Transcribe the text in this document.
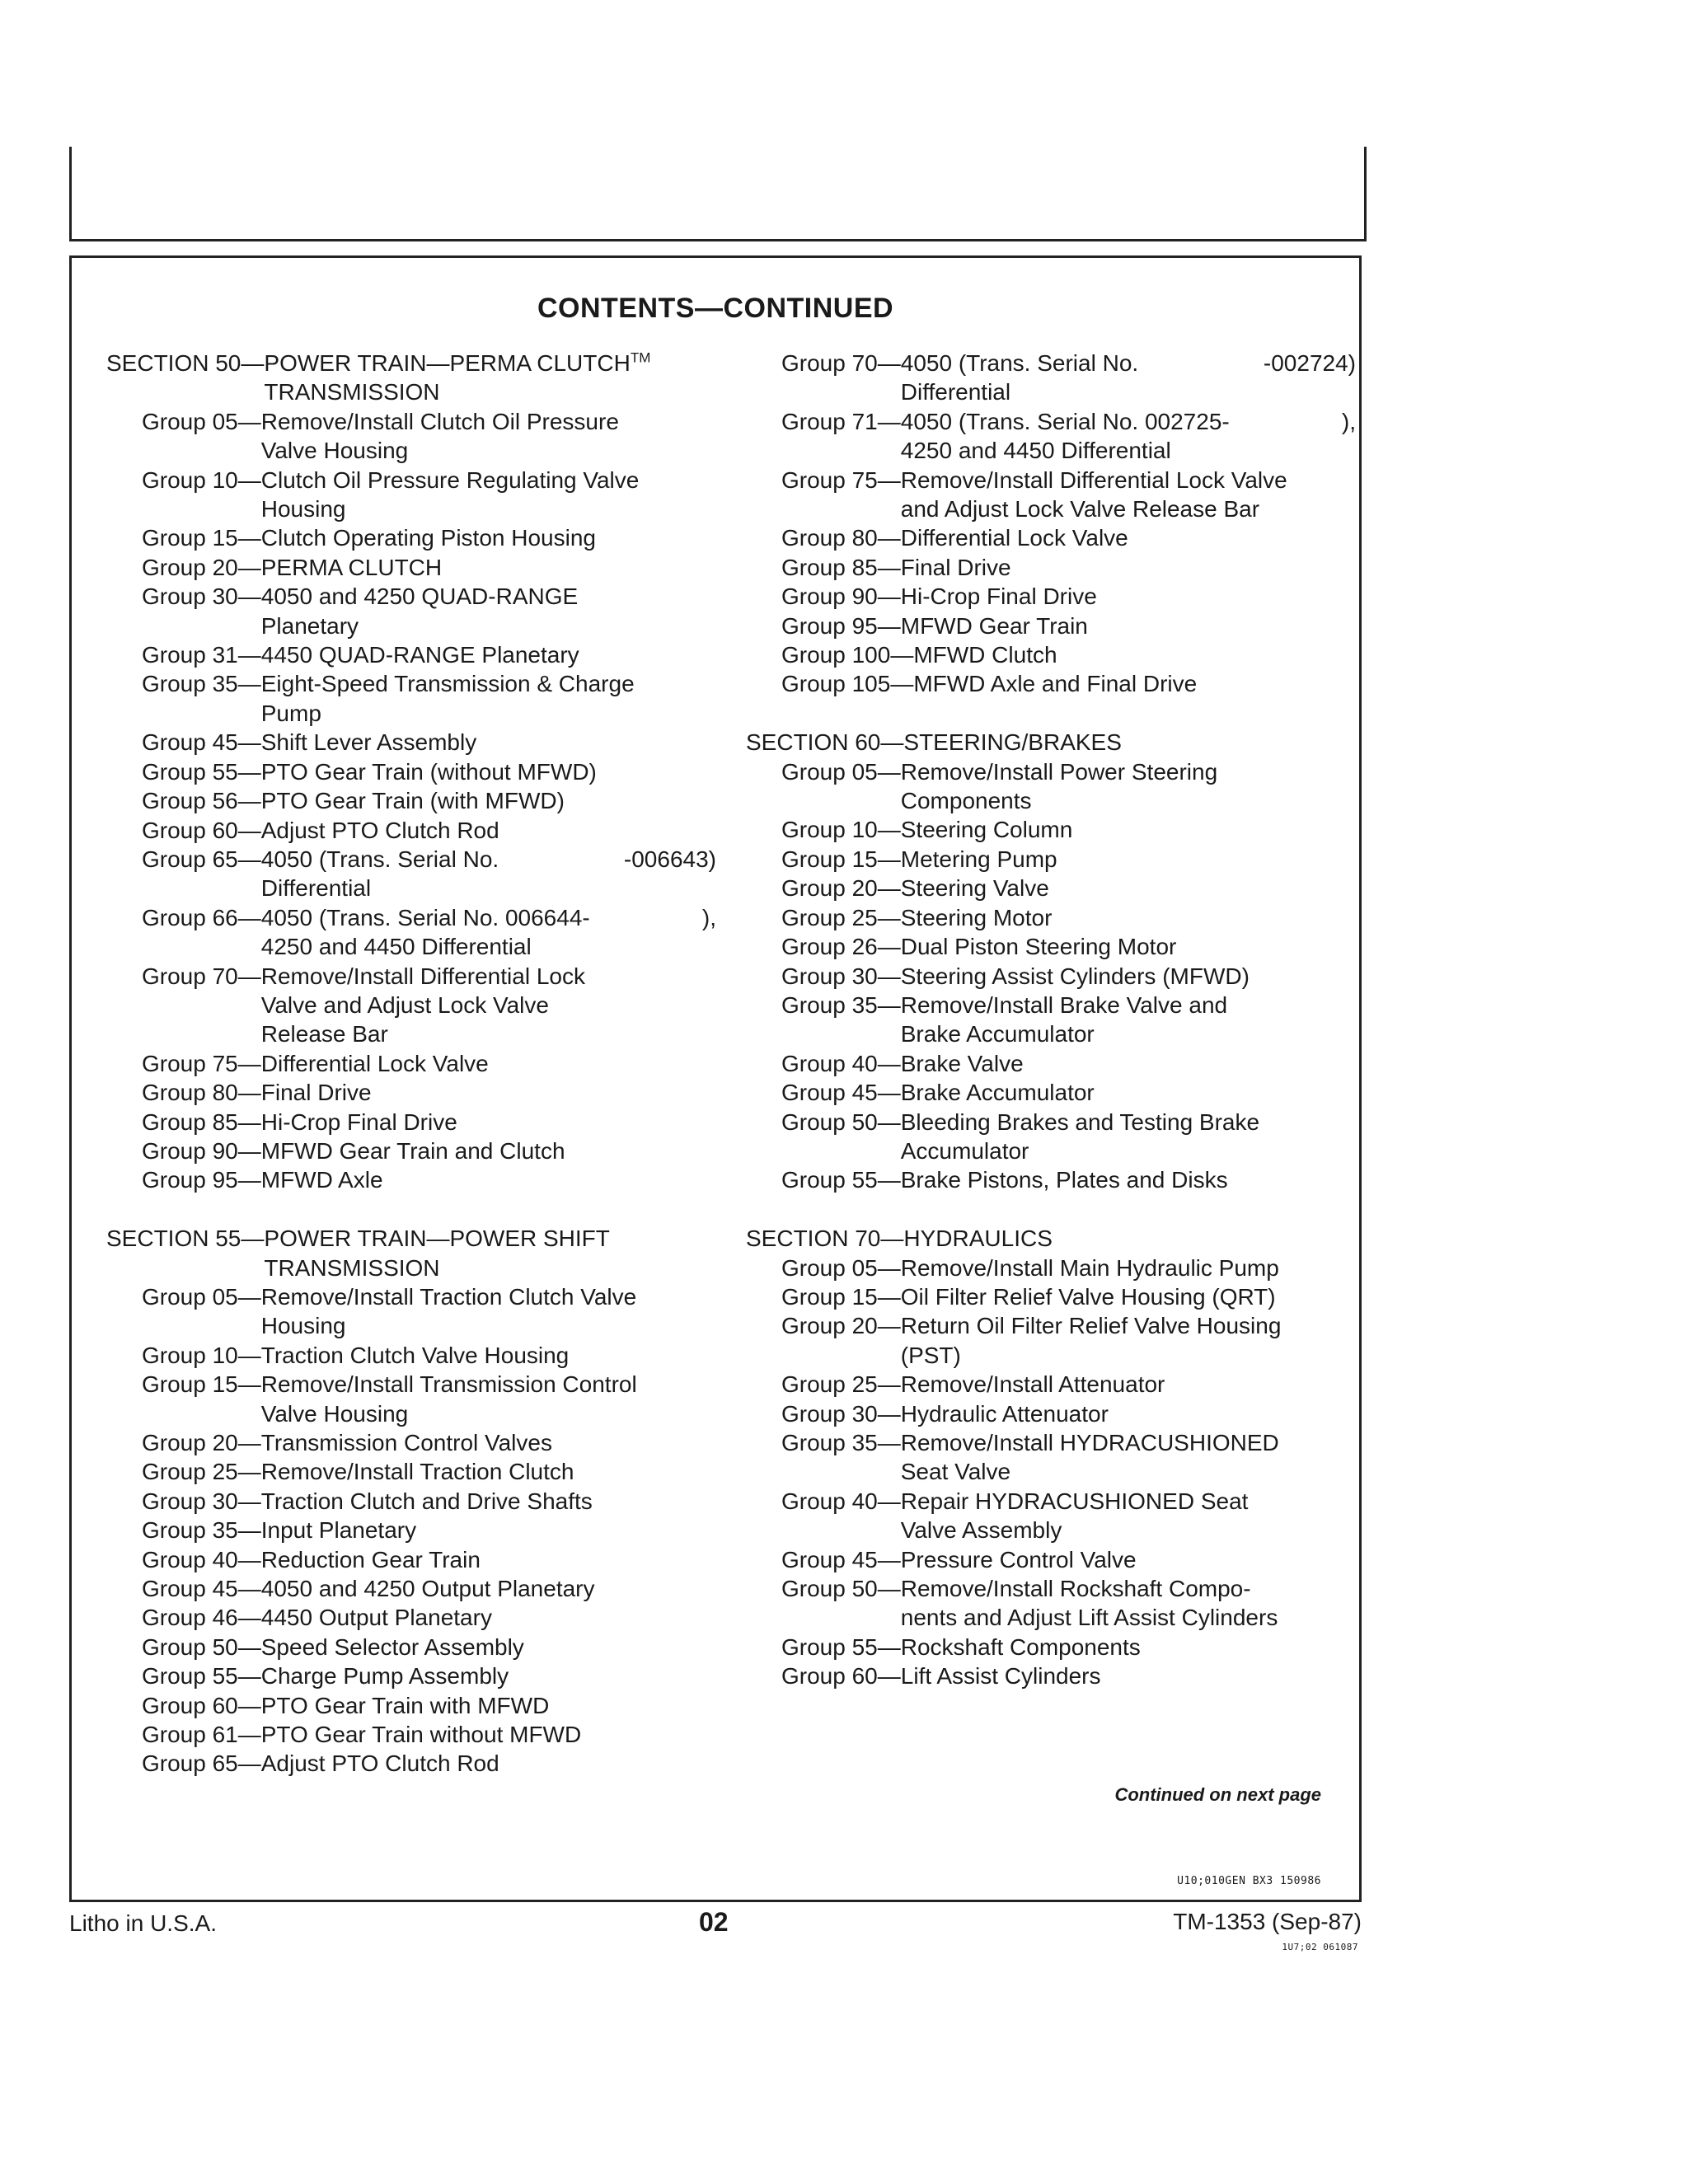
CONTENTS—CONTINUED
SECTION 50— POWER TRAIN—PERMA CLUTCH™
TRANSMISSION
Group 05— Remove/Install Clutch Oil Pressure
Valve Housing
Group 10— Clutch Oil Pressure Regulating Valve
Housing
Group 15— Clutch Operating Piston Housing
Group 20— PERMA CLUTCH
Group 30— 4050 and 4250 QUAD-RANGE
Planetary
Group 31— 4450 QUAD-RANGE Planetary
Group 35— Eight-Speed Transmission & Charge
Pump
Group 45— Shift Lever Assembly
Group 55— PTO Gear Train (without MFWD)
Group 56— PTO Gear Train (with MFWD)
Group 60— Adjust PTO Clutch Rod
Group 65— 4050 (Trans. Serial No.	-006643)
Differential
Group 66— 4050 (Trans. Serial No. 006644-	),
4250 and 4450 Differential
Group 70— Remove/Install Differential Lock
Valve and Adjust Lock Valve
Release Bar
Group 75— Differential Lock Valve
Group 80— Final Drive
Group 85— Hi-Crop Final Drive
Group 90— MFWD Gear Train and Clutch
Group 95— MFWD Axle
SECTION 55— POWER TRAIN—POWER SHIFT
TRANSMISSION
Group 05— Remove/Install Traction Clutch Valve
Housing
Group 10— Traction Clutch Valve Housing
Group 15— Remove/Install Transmission Control
Valve Housing
Group 20— Transmission Control Valves
Group 25— Remove/Install Traction Clutch
Group 30— Traction Clutch and Drive Shafts
Group 35— Input Planetary
Group 40— Reduction Gear Train
Group 45— 4050 and 4250 Output Planetary
Group 46— 4450 Output Planetary
Group 50— Speed Selector Assembly
Group 55— Charge Pump Assembly
Group 60— PTO Gear Train with MFWD
Group 61— PTO Gear Train without MFWD
Group 65— Adjust PTO Clutch Rod
Group 70— 4050 (Trans. Serial No.	-002724)
Differential
Group 71— 4050 (Trans. Serial No. 002725-	),
4250 and 4450 Differential
Group 75— Remove/Install Differential Lock Valve
and Adjust Lock Valve Release Bar
Group 80— Differential Lock Valve
Group 85— Final Drive
Group 90— Hi-Crop Final Drive
Group 95— MFWD Gear Train
Group 100— MFWD Clutch
Group 105— MFWD Axle and Final Drive
SECTION 60— STEERING/BRAKES
Group 05— Remove/Install Power Steering
Components
Group 10— Steering Column
Group 15— Metering Pump
Group 20— Steering Valve
Group 25— Steering Motor
Group 26— Dual Piston Steering Motor
Group 30— Steering Assist Cylinders (MFWD)
Group 35— Remove/Install Brake Valve and
Brake Accumulator
Group 40— Brake Valve
Group 45— Brake Accumulator
Group 50— Bleeding Brakes and Testing Brake
Accumulator
Group 55— Brake Pistons, Plates and Disks
SECTION 70— HYDRAULICS
Group 05— Remove/Install Main Hydraulic Pump
Group 15— Oil Filter Relief Valve Housing (QRT)
Group 20— Return Oil Filter Relief Valve Housing
(PST)
Group 25— Remove/Install Attenuator
Group 30— Hydraulic Attenuator
Group 35— Remove/Install HYDRACUSHIONED
Seat Valve
Group 40— Repair HYDRACUSHIONED Seat
Valve Assembly
Group 45— Pressure Control Valve
Group 50— Remove/Install Rockshaft Compo-
nents and Adjust Lift Assist Cylinders
Group 55— Rockshaft Components
Group 60— Lift Assist Cylinders
Continued on next page
U10;010GEN BX3 150986
Litho in U.S.A.	02	TM-1353 (Sep-87)
1U7;02 061087
